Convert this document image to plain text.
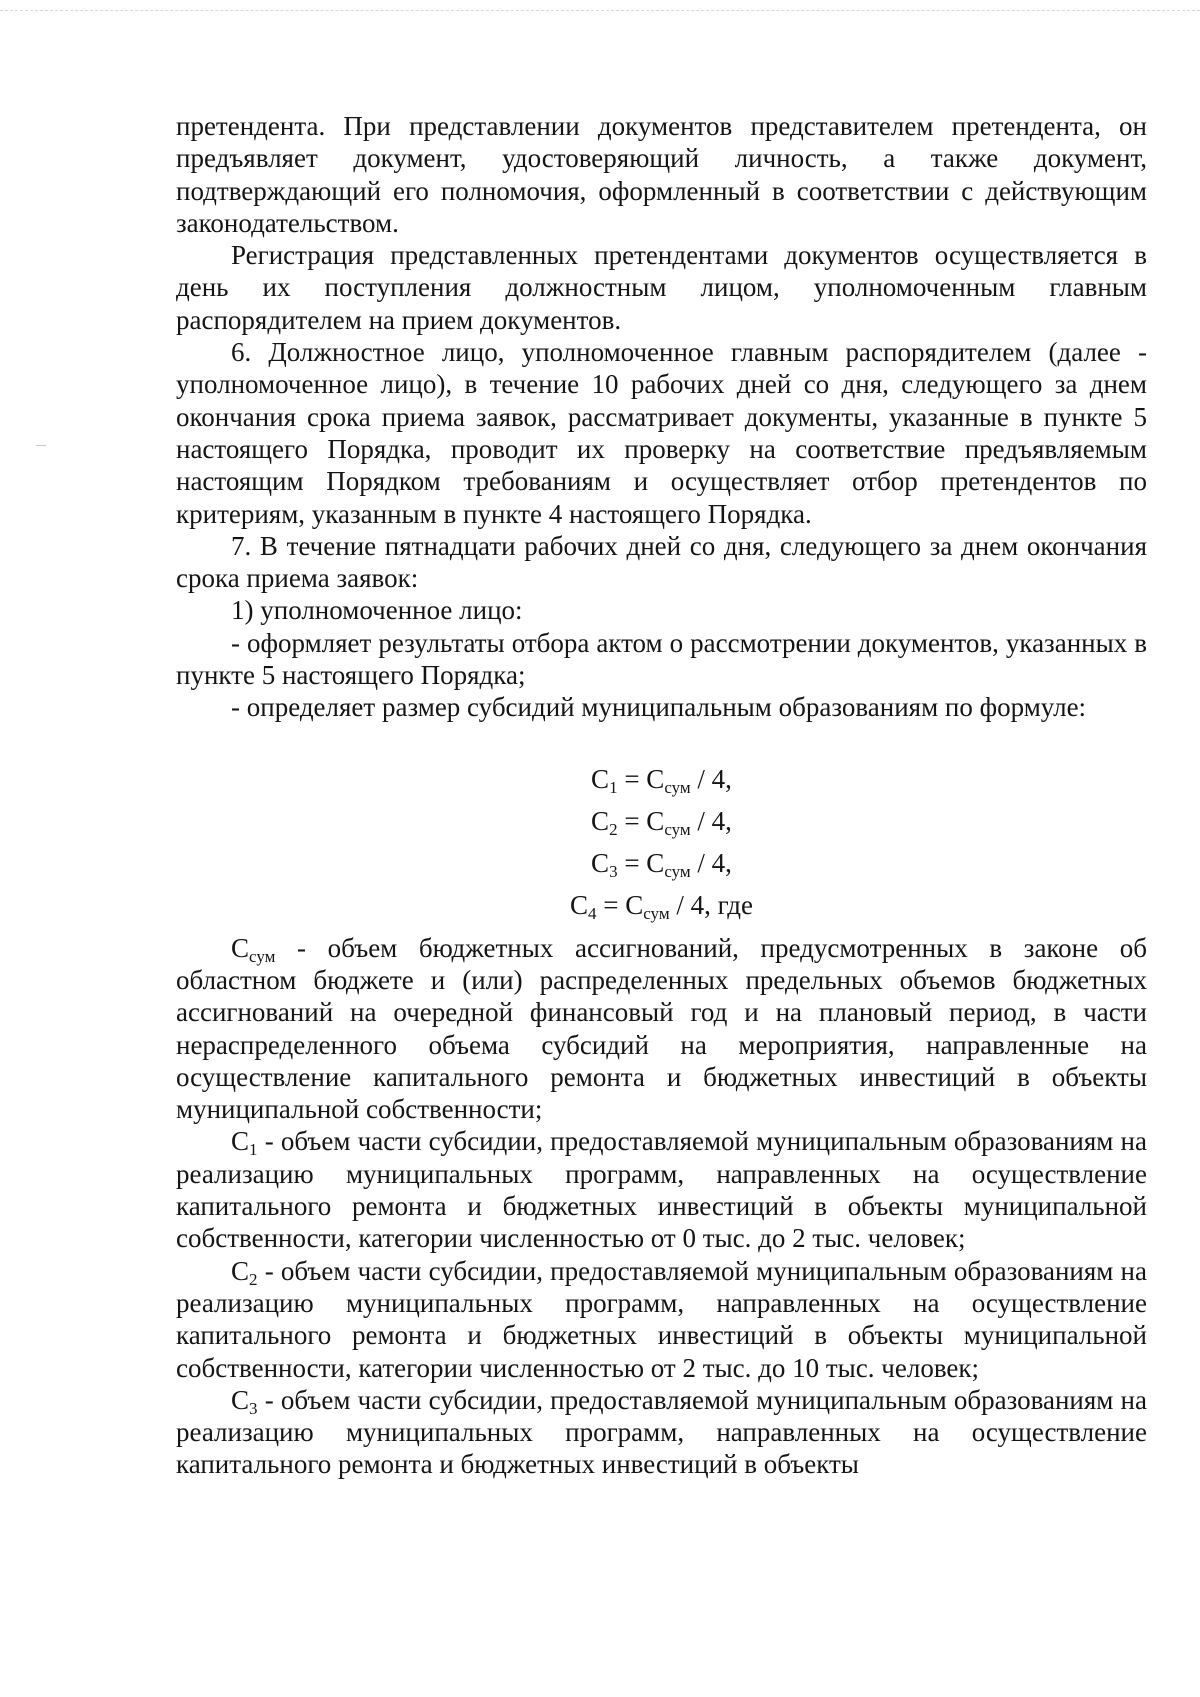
претендента. При представлении документов представителем претендента, он предъявляет документ, удостоверяющий личность, а также документ, подтверждающий его полномочия, оформленный в соответствии с действующим законодательством.

Регистрация представленных претендентами документов осуществляется в день их поступления должностным лицом, уполномоченным главным распорядителем на прием документов.

6. Должностное лицо, уполномоченное главным распорядителем (далее - уполномоченное лицо), в течение 10 рабочих дней со дня, следующего за днем окончания срока приема заявок, рассматривает документы, указанные в пункте 5 настоящего Порядка, проводит их проверку на соответствие предъявляемым настоящим Порядком требованиям и осуществляет отбор претендентов по критериям, указанным в пункте 4 настоящего Порядка.

7. В течение пятнадцати рабочих дней со дня, следующего за днем окончания срока приема заявок:

1) уполномоченное лицо:

- оформляет результаты отбора актом о рассмотрении документов, указанных в пункте 5 настоящего Порядка;

- определяет размер субсидий муниципальным образованиям по формуле:

$С_1 = С_{сум} / 4$,
$С_2 = С_{сум} / 4$,
$С_3 = С_{сум} / 4$,
$С_4 = С_{сум} / 4$, где

$С_{сум}$ - объем бюджетных ассигнований, предусмотренных в законе об областном бюджете и (или) распределенных предельных объемов бюджетных ассигнований на очередной финансовый год и на плановый период, в части нераспределенного объема субсидий на мероприятия, направленные на осуществление капитального ремонта и бюджетных инвестиций в объекты муниципальной собственности;

$С_1$ - объем части субсидии, предоставляемой муниципальным образованиям на реализацию муниципальных программ, направленных на осуществление капитального ремонта и бюджетных инвестиций в объекты муниципальной собственности, категории численностью от 0 тыс. до 2 тыс. человек;

$С_2$ - объем части субсидии, предоставляемой муниципальным образованиям на реализацию муниципальных программ, направленных на осуществление капитального ремонта и бюджетных инвестиций в объекты муниципальной собственности, категории численностью от 2 тыс. до 10 тыс. человек;

$С_3$ - объем части субсидии, предоставляемой муниципальным образованиям на реализацию муниципальных программ, направленных на осуществление капитального ремонта и бюджетных инвестиций в объекты
